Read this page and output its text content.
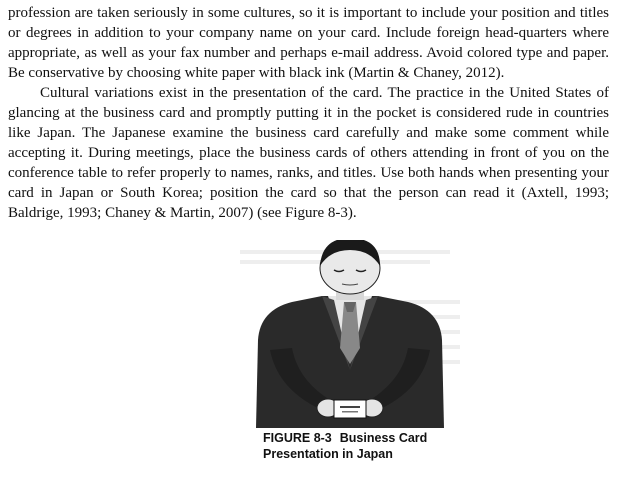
profession are taken seriously in some cultures, so it is important to include your position and titles or degrees in addition to your company name on your card. Include foreign head-quarters where appropriate, as well as your fax number and perhaps e-mail address. Avoid colored type and paper. Be conservative by choosing white paper with black ink (Martin & Chaney, 2012).

Cultural variations exist in the presentation of the card. The practice in the United States of glancing at the business card and promptly putting it in the pocket is considered rude in countries like Japan. The Japanese examine the business card carefully and make some comment while accepting it. During meetings, place the business cards of others attending in front of you on the conference table to refer properly to names, ranks, and titles. Use both hands when presenting your card in Japan or South Korea; position the card so that the person can read it (Axtell, 1993; Baldrige, 1993; Chaney & Martin, 2007) (see Figure 8-3).

FIGURE 8-3 Business Card Presentation in Japan
